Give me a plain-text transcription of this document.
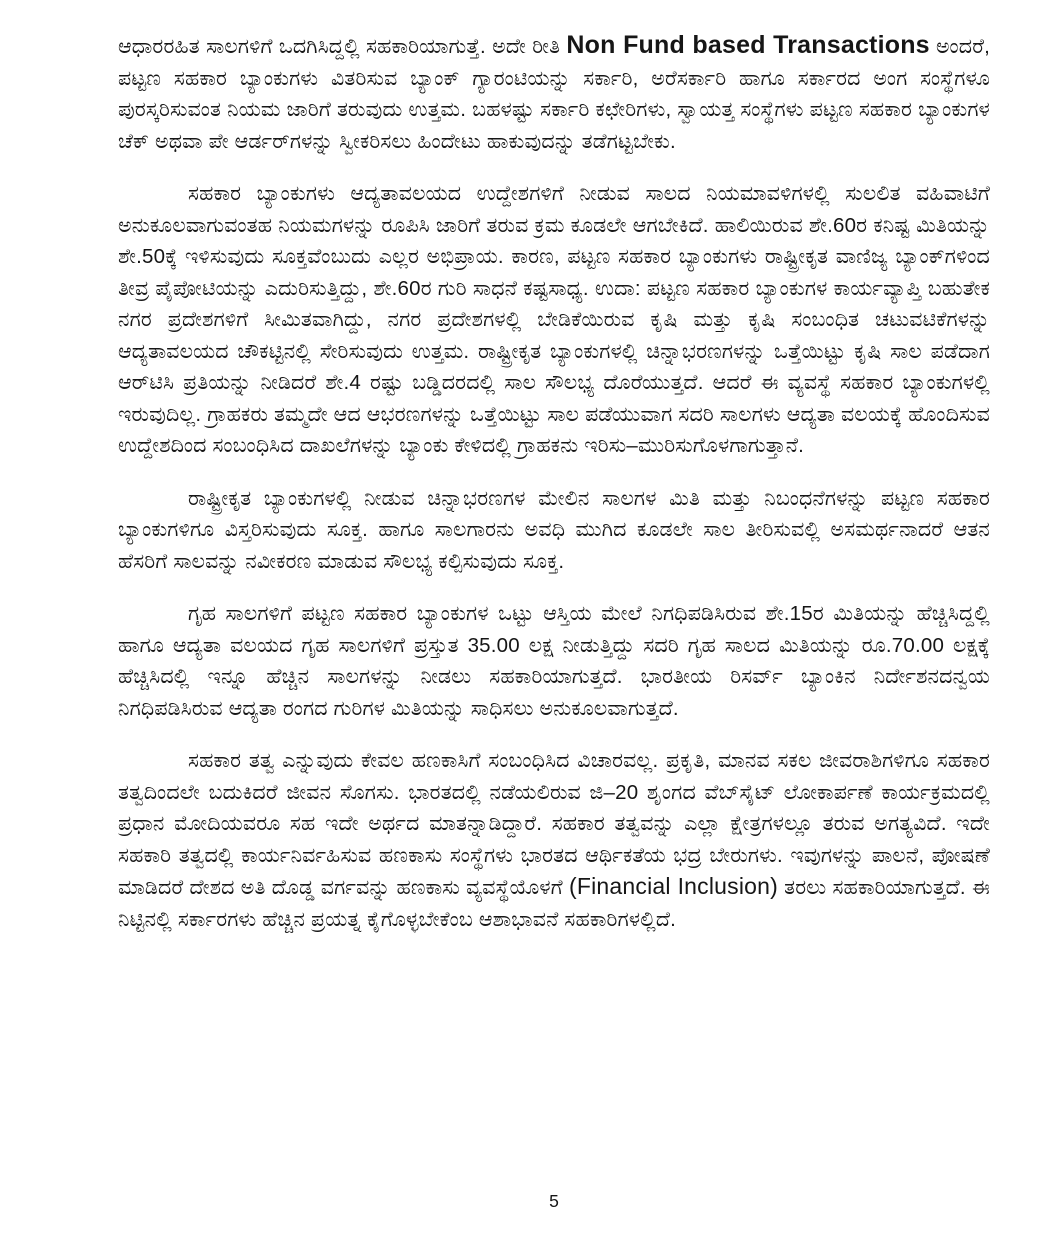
ಆಧಾರರಹಿತ ಸಾಲಗಳಿಗೆ ಒದಗಿಸಿದ್ದಲ್ಲಿ ಸಹಕಾರಿಯಾಗುತ್ತೆ. ಅದೇ ರೀತಿ Non Fund based Transactions ಅಂದರೆ, ಪಟ್ಟಣ ಸಹಕಾರ ಬ್ಯಾಂಕುಗಳು ವಿತರಿಸುವ ಬ್ಯಾಂಕ್ ಗ್ಯಾರಂಟಿಯನ್ನು ಸರ್ಕಾರಿ, ಅರೆಸರ್ಕಾರಿ ಹಾಗೂ ಸರ್ಕಾರದ ಅಂಗ ಸಂಸ್ಥೆಗಳೂ ಪುರಸ್ಕರಿಸುವಂತ ನಿಯಮ ಜಾರಿಗೆ ತರುವುದು ಉತ್ತಮ. ಬಹಳಷ್ಟು ಸರ್ಕಾರಿ ಕಛೇರಿಗಳು, ಸ್ವಾಯತ್ತ ಸಂಸ್ಥೆಗಳು ಪಟ್ಟಣ ಸಹಕಾರ ಬ್ಯಾಂಕುಗಳ ಚೆಕ್ ಅಥವಾ ಪೇ ಆರ್ಡರ್‌ಗಳನ್ನು ಸ್ವೀಕರಿಸಲು ಹಿಂದೇಟು ಹಾಕುವುದನ್ನು ತಡೆಗಟ್ಟಬೇಕು.

ಸಹಕಾರ ಬ್ಯಾಂಕುಗಳು ಆದ್ಯತಾವಲಯದ ಉದ್ದೇಶಗಳಿಗೆ ನೀಡುವ ಸಾಲದ ನಿಯಮಾವಳಿಗಳಲ್ಲಿ ಸುಲಲಿತ ವಹಿವಾಟಿಗೆ ಅನುಕೂಲವಾಗುವಂತಹ ನಿಯಮಗಳನ್ನು ರೂಪಿಸಿ ಜಾರಿಗೆ ತರುವ ಕ್ರಮ ಕೂಡಲೇ ಆಗಬೇಕಿದೆ. ಹಾಲಿಯಿರುವ ಶೇ.60ರ ಕನಿಷ್ಟ ಮಿತಿಯನ್ನು ಶೇ.50ಕ್ಕೆ ಇಳಿಸುವುದು ಸೂಕ್ತವೆಂಬುದು ಎಲ್ಲರ ಅಭಿಪ್ರಾಯ. ಕಾರಣ, ಪಟ್ಟಣ ಸಹಕಾರ ಬ್ಯಾಂಕುಗಳು ರಾಷ್ಟ್ರೀಕೃತ ವಾಣಿಜ್ಯ ಬ್ಯಾಂಕ್‌ಗಳಿಂದ ತೀವ್ರ ಪೈಪೋಟಿಯನ್ನು ಎದುರಿಸುತ್ತಿದ್ದು, ಶೇ.60ರ ಗುರಿ ಸಾಧನೆ ಕಷ್ಟಸಾಧ್ಯ. ಉದಾ: ಪಟ್ಟಣ ಸಹಕಾರ ಬ್ಯಾಂಕುಗಳ ಕಾರ್ಯವ್ಯಾಪ್ತಿ ಬಹುತೇಕ ನಗರ ಪ್ರದೇಶಗಳಿಗೆ ಸೀಮಿತವಾಗಿದ್ದು, ನಗರ ಪ್ರದೇಶಗಳಲ್ಲಿ ಬೇಡಿಕೆಯಿರುವ ಕೃಷಿ ಮತ್ತು ಕೃಷಿ ಸಂಬಂಧಿತ ಚಟುವಟಿಕೆಗಳನ್ನು ಆದ್ಯತಾವಲಯದ ಚೌಕಟ್ಟಿನಲ್ಲಿ ಸೇರಿಸುವುದು ಉತ್ತಮ. ರಾಷ್ಟ್ರೀಕೃತ ಬ್ಯಾಂಕುಗಳಲ್ಲಿ ಚಿನ್ನಾಭರಣಗಳನ್ನು ಒತ್ತೆಯಿಟ್ಟು ಕೃಷಿ ಸಾಲ ಪಡೆದಾಗ ಆರ್‌ಟಿಸಿ ಪ್ರತಿಯನ್ನು ನೀಡಿದರೆ ಶೇ.4 ರಷ್ಟು ಬಡ್ಡಿದರದಲ್ಲಿ ಸಾಲ ಸೌಲಭ್ಯ ದೊರೆಯುತ್ತದೆ. ಆದರೆ ಈ ವ್ಯವಸ್ಥೆ ಸಹಕಾರ ಬ್ಯಾಂಕುಗಳಲ್ಲಿ ಇರುವುದಿಲ್ಲ. ಗ್ರಾಹಕರು ತಮ್ಮದೇ ಆದ ಆಭರಣಗಳನ್ನು ಒತ್ತೆಯಿಟ್ಟು ಸಾಲ ಪಡೆಯುವಾಗ ಸದರಿ ಸಾಲಗಳು ಆದ್ಯತಾ ವಲಯಕ್ಕೆ ಹೊಂದಿಸುವ ಉದ್ದೇಶದಿಂದ ಸಂಬಂಧಿಸಿದ ದಾಖಲೆಗಳನ್ನು ಬ್ಯಾಂಕು ಕೇಳಿದಲ್ಲಿ ಗ್ರಾಹಕನು ಇರಿಸು–ಮುರಿಸುಗೊಳಗಾಗುತ್ತಾನೆ.

ರಾಷ್ಟ್ರೀಕೃತ ಬ್ಯಾಂಕುಗಳಲ್ಲಿ ನೀಡುವ ಚಿನ್ನಾಭರಣಗಳ ಮೇಲಿನ ಸಾಲಗಳ ಮಿತಿ ಮತ್ತು ನಿಬಂಧನೆಗಳನ್ನು ಪಟ್ಟಣ ಸಹಕಾರ ಬ್ಯಾಂಕುಗಳಿಗೂ ವಿಸ್ತರಿಸುವುದು ಸೂಕ್ತ. ಹಾಗೂ ಸಾಲಗಾರನು ಅವಧಿ ಮುಗಿದ ಕೂಡಲೇ ಸಾಲ ತೀರಿಸುವಲ್ಲಿ ಅಸಮರ್ಥನಾದರೆ ಆತನ ಹೆಸರಿಗೆ ಸಾಲವನ್ನು ನವೀಕರಣ ಮಾಡುವ ಸೌಲಭ್ಯ ಕಲ್ಪಿಸುವುದು ಸೂಕ್ತ.

ಗೃಹ ಸಾಲಗಳಿಗೆ ಪಟ್ಟಣ ಸಹಕಾರ ಬ್ಯಾಂಕುಗಳ ಒಟ್ಟು ಆಸ್ತಿಯ ಮೇಲೆ ನಿಗಧಿಪಡಿಸಿರುವ ಶೇ.15ರ ಮಿತಿಯನ್ನು ಹೆಚ್ಚಿಸಿದ್ದಲ್ಲಿ ಹಾಗೂ ಆದ್ಯತಾ ವಲಯದ ಗೃಹ ಸಾಲಗಳಿಗೆ ಪ್ರಸ್ತುತ 35.00 ಲಕ್ಷ ನೀಡುತ್ತಿದ್ದು ಸದರಿ ಗೃಹ ಸಾಲದ ಮಿತಿಯನ್ನು ರೂ.70.00 ಲಕ್ಷಕ್ಕೆ ಹೆಚ್ಚಿಸಿದಲ್ಲಿ ಇನ್ನೂ ಹೆಚ್ಚಿನ ಸಾಲಗಳನ್ನು ನೀಡಲು ಸಹಕಾರಿಯಾಗುತ್ತದೆ. ಭಾರತೀಯ ರಿಸರ್ವ್ ಬ್ಯಾಂಕಿನ ನಿರ್ದೇಶನದನ್ವಯ ನಿಗಧಿಪಡಿಸಿರುವ ಆದ್ಯತಾ ರಂಗದ ಗುರಿಗಳ ಮಿತಿಯನ್ನು ಸಾಧಿಸಲು ಅನುಕೂಲವಾಗುತ್ತದೆ.

ಸಹಕಾರ ತತ್ವ ಎನ್ನುವುದು ಕೇವಲ ಹಣಕಾಸಿಗೆ ಸಂಬಂಧಿಸಿದ ವಿಚಾರವಲ್ಲ. ಪ್ರಕೃತಿ, ಮಾನವ ಸಕಲ ಜೀವರಾಶಿಗಳಿಗೂ ಸಹಕಾರ ತತ್ವದಿಂದಲೇ ಬದುಕಿದರೆ ಜೀವನ ಸೊಗಸು. ಭಾರತದಲ್ಲಿ ನಡೆಯಲಿರುವ ಜಿ–20 ಶೃಂಗದ ವೆಬ್‌ಸೈಟ್ ಲೋಕಾರ್ಪಣೆ ಕಾರ್ಯಕ್ರಮದಲ್ಲಿ ಪ್ರಧಾನ ಮೋದಿಯವರೂ ಸಹ ಇದೇ ಅರ್ಥದ ಮಾತನ್ನಾಡಿದ್ದಾರೆ. ಸಹಕಾರ ತತ್ವವನ್ನು ಎಲ್ಲಾ ಕ್ಷೇತ್ರಗಳಲ್ಲೂ ತರುವ ಅಗತ್ಯವಿದೆ. ಇದೇ ಸಹಕಾರಿ ತತ್ವದಲ್ಲಿ ಕಾರ್ಯನಿರ್ವಹಿಸುವ ಹಣಕಾಸು ಸಂಸ್ಥೆಗಳು ಭಾರತದ ಆರ್ಥಿಕತೆಯ ಭದ್ರ ಬೇರುಗಳು. ಇವುಗಳನ್ನು ಪಾಲನೆ, ಪೋಷಣೆ ಮಾಡಿದರೆ ದೇಶದ ಅತಿ ದೊಡ್ಡ ವರ್ಗವನ್ನು ಹಣಕಾಸು ವ್ಯವಸ್ಥೆಯೊಳಗೆ (Financial Inclusion) ತರಲು ಸಹಕಾರಿಯಾಗುತ್ತದೆ. ಈ ನಿಟ್ಟಿನಲ್ಲಿ ಸರ್ಕಾರಗಳು ಹೆಚ್ಚಿನ ಪ್ರಯತ್ನ ಕೈಗೊಳ್ಳಬೇಕೆಂಬ ಆಶಾಭಾವನೆ ಸಹಕಾರಿಗಳಲ್ಲಿದೆ.

5
